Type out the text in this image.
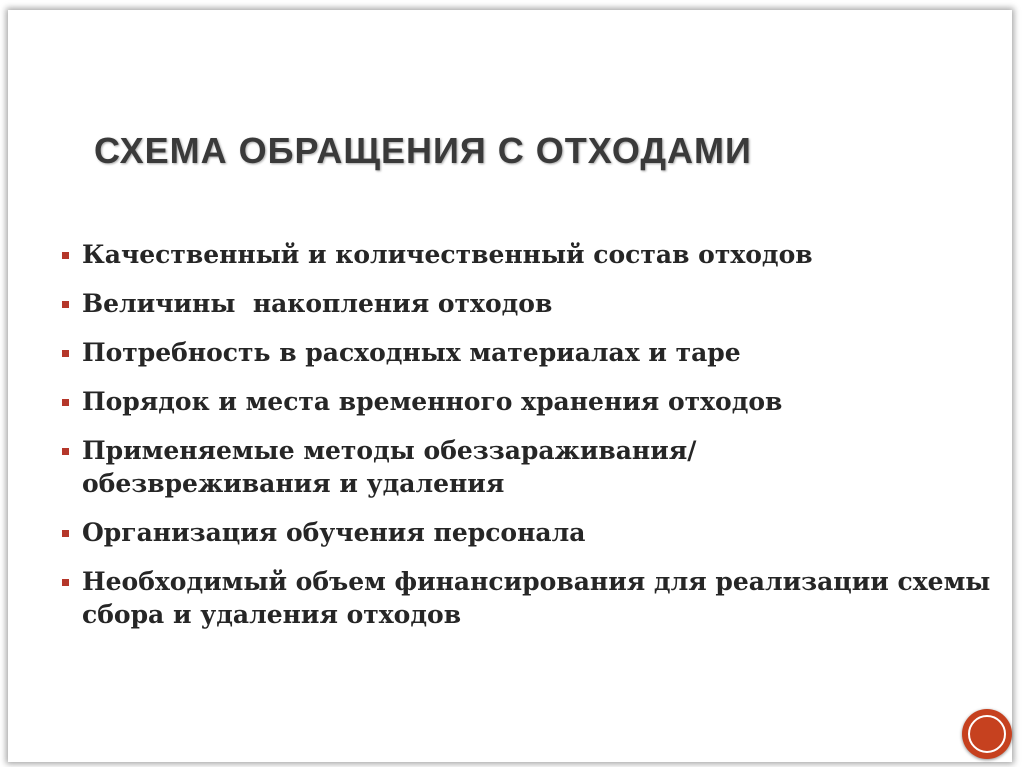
СХЕМА ОБРАЩЕНИЯ С ОТХОДАМИ
Качественный и количественный состав отходов
Величины  накопления отходов
Потребность в расходных материалах и таре
Порядок и места временного хранения отходов
Применяемые методы обеззараживания/обезвреживания и удаления
Организация обучения персонала
Необходимый объем финансирования для реализации схемы сбора и удаления отходов
